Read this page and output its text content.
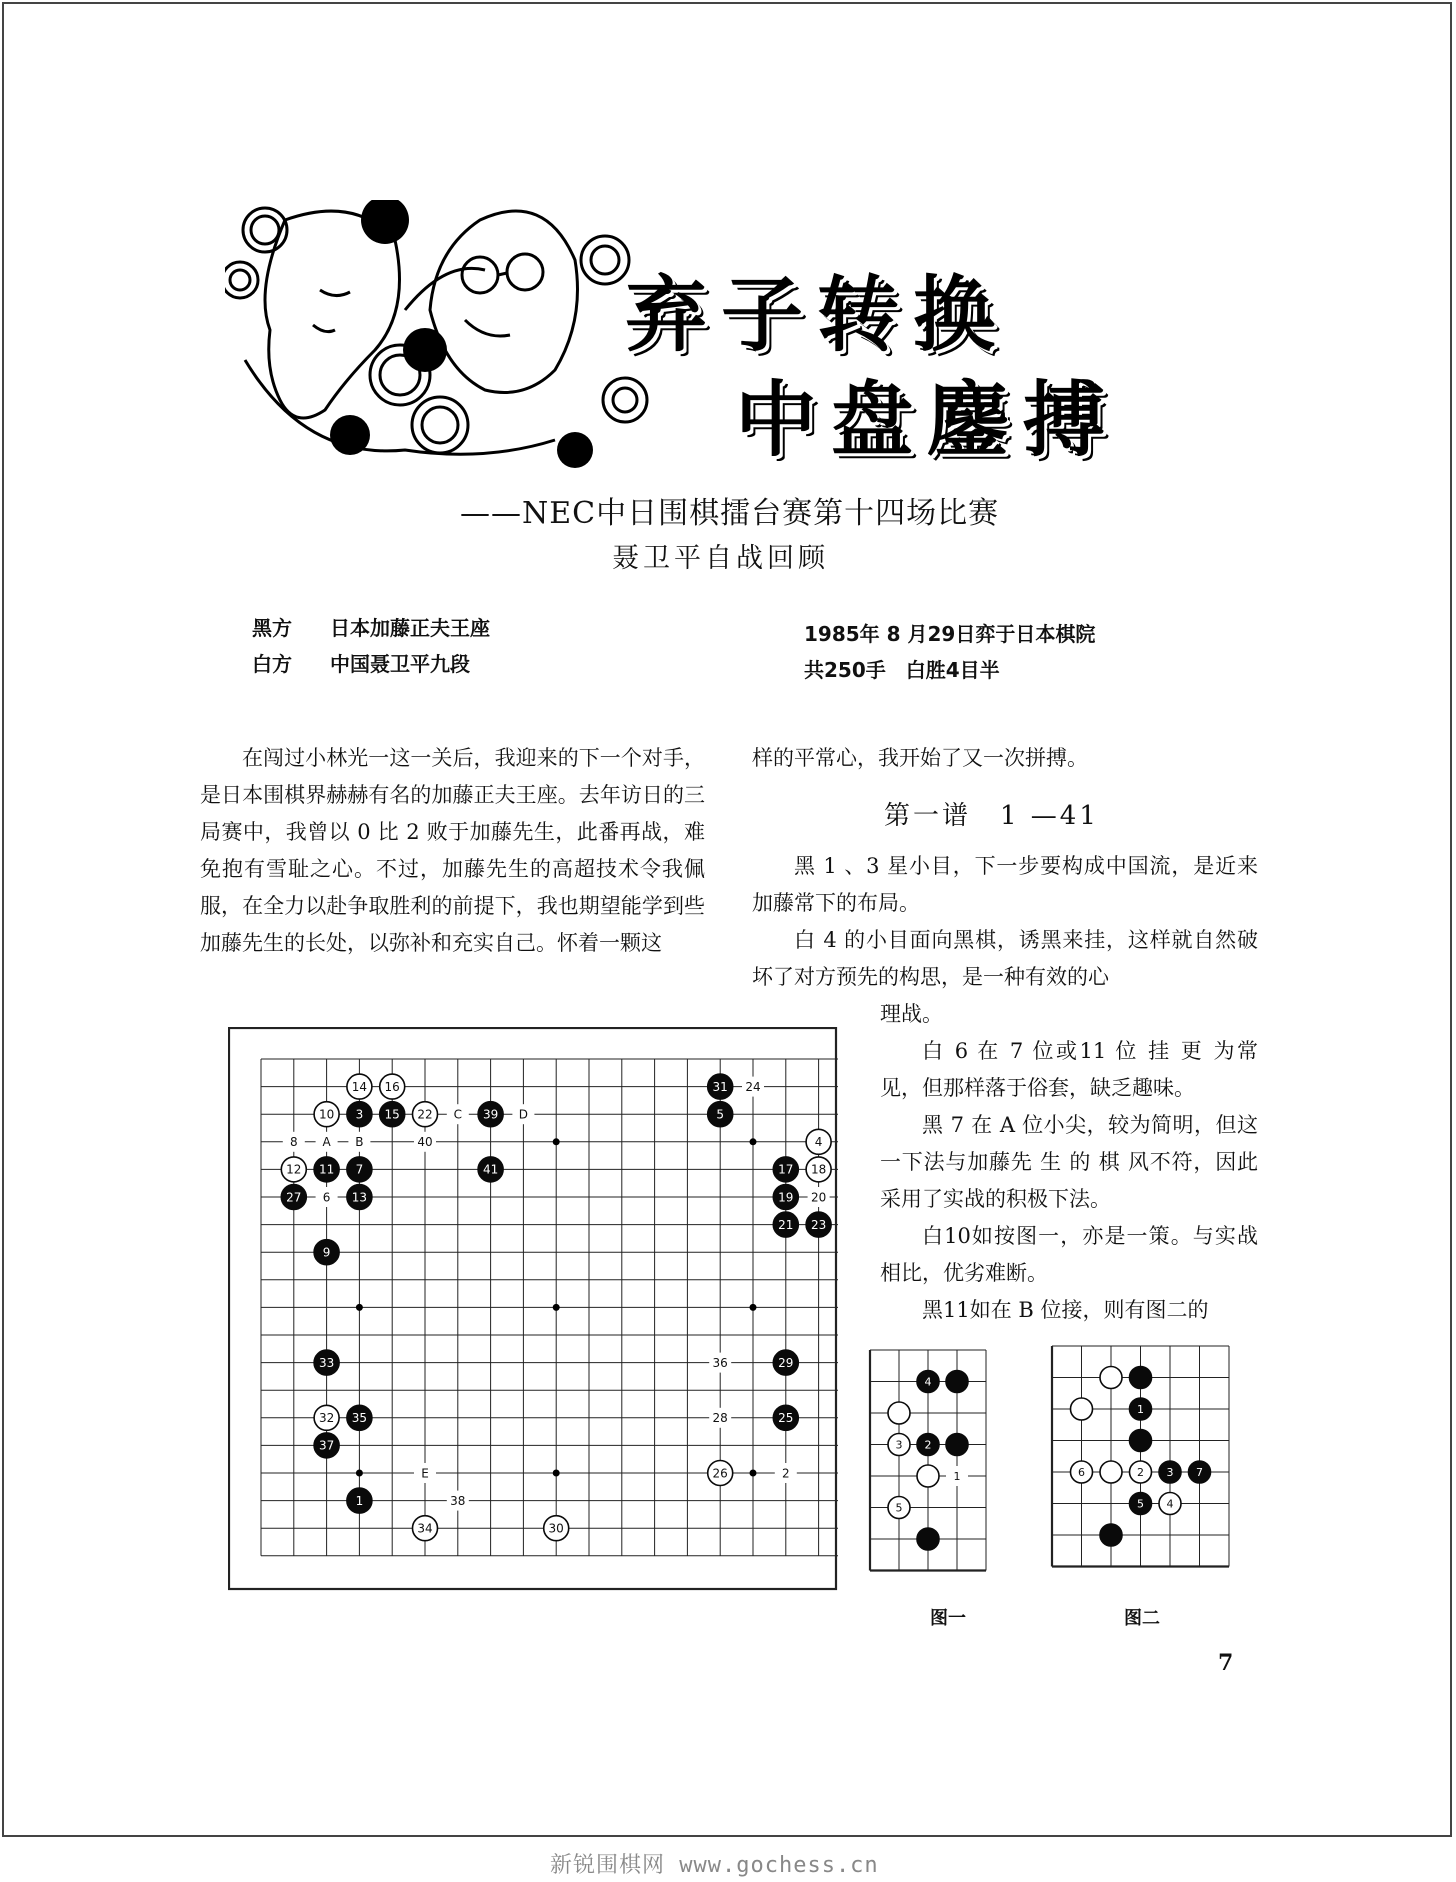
弃子转换
中盘鏖搏
——NEC中日围棋擂台赛第十四场比赛
聂卫平自战回顾
黑方 日本加藤正夫王座
白方 中国聂卫平九段
1985年 8 月29日弈于日本棋院
共250手　白胜4目半

在闯过小林光一这一关后，我迎来的下一个对手，是日本围棋界赫赫有名的加藤正夫王座。去年访日的三局赛中，我曾以 0 比 2 败于加藤先生，此番再战，难免抱有雪耻之心。不过，加藤先生的高超技术令我佩服，在全力以赴争取胜利的前提下，我也期望能学到些加藤先生的长处，以弥补和充实自己。怀着一颗这

样的平常心，我开始了又一次拼搏。

第一谱　1 —41

黑 1 、3 星小目，下一步要构成中国流，是近来加藤常下的布局。

白 4 的小目面向黑棋，诱黑来挂，这样就自然破坏了对方预先的构思，是一种有效的心

理战。

白 6 在 7 位或11 位 挂 更 为常见，但那样落于俗套，缺乏趣味。

黑 7 在 A 位小尖，较为简明，但这一下法与加藤先 生 的 棋 风不符，因此采用了实战的积极下法。

白10如按图一，亦是一策。与实战相比，优劣难断。

黑11如在 B 位接，则有图二的

24
C	D
8 A B	40
6	20
36
28
E
38
2
14 16
10 3 15 22	39
12 11 7	41
27	13
9
33
32 35
37
1
34	30
31
5
4
17 18
19
21 23
29
25
26	1
4
3 2
5
图一
1
6	2 3 7
5 4
图二
7
新锐围棋网 www.gochess.cn
